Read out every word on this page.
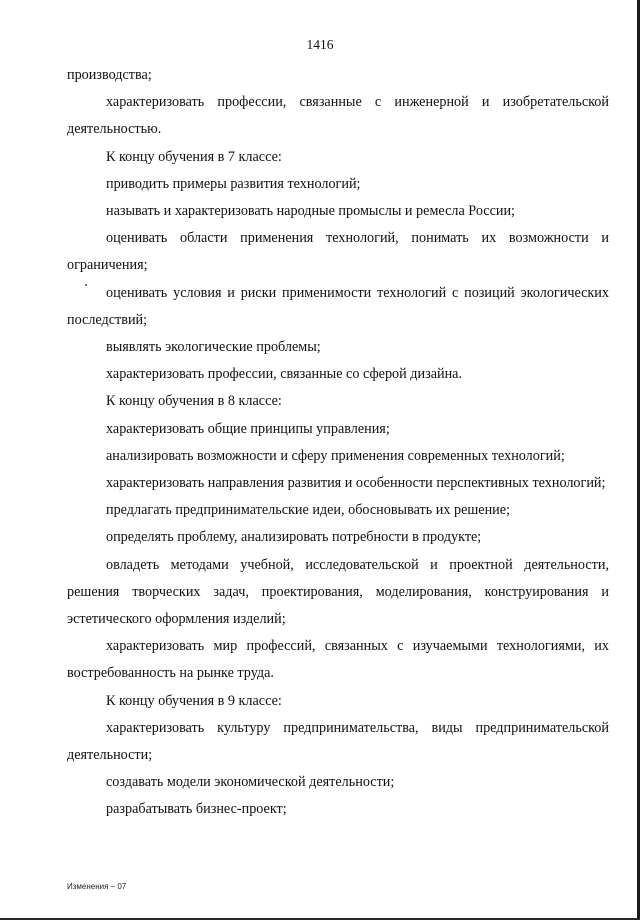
1416

производства;

характеризовать профессии, связанные с инженерной и изобретательской деятельностью.

К концу обучения в 7 классе:

приводить примеры развития технологий;

называть и характеризовать народные промыслы и ремесла России;

оценивать области применения технологий, понимать их возможности и ограничения;

оценивать условия и риски применимости технологий с позиций экологических последствий;

выявлять экологические проблемы;

характеризовать профессии, связанные со сферой дизайна.

К концу обучения в 8 классе:

характеризовать общие принципы управления;

анализировать возможности и сферу применения современных технологий;

характеризовать направления развития и особенности перспективных технологий;

предлагать предпринимательские идеи, обосновывать их решение;

определять проблему, анализировать потребности в продукте;

овладеть методами учебной, исследовательской и проектной деятельности, решения творческих задач, проектирования, моделирования, конструирования и эстетического оформления изделий;

характеризовать мир профессий, связанных с изучаемыми технологиями, их востребованность на рынке труда.

К концу обучения в 9 классе:

характеризовать культуру предпринимательства, виды предпринимательской деятельности;

создавать модели экономической деятельности;

разрабатывать бизнес-проект;

Изменения – 07
